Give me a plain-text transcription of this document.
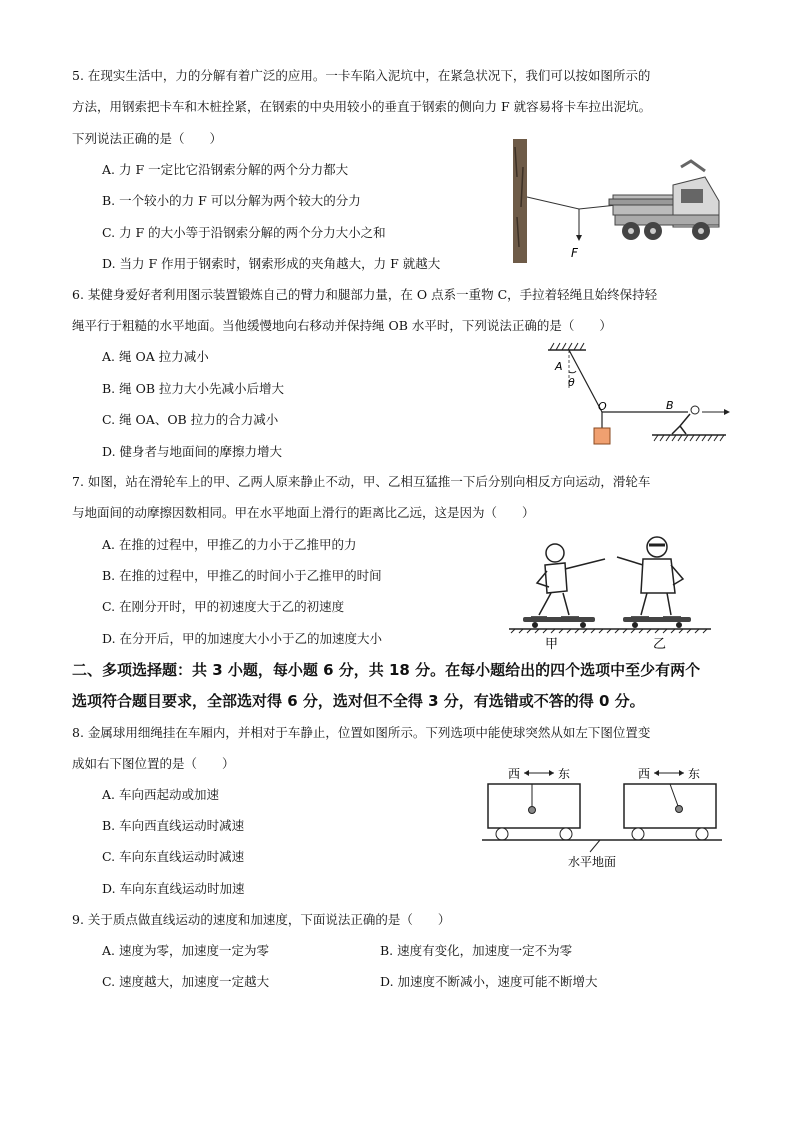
5. 在现实生活中，力的分解有着广泛的应用。一卡车陷入泥坑中，在紧急状况下，我们可以按如图所示的
方法，用钢索把卡车和木桩拴紧，在钢索的中央用较小的垂直于钢索的侧向力 F 就容易将卡车拉出泥坑。
下列说法正确的是（　　）
A. 力 F 一定比它沿钢索分解的两个分力都大
B. 一个较小的力 F 可以分解为两个较大的分力
C. 力 F 的大小等于沿钢索分解的两个分力大小之和
D. 当力 F 作用于钢索时，钢索形成的夹角越大，力 F 就越大
F
6. 某健身爱好者利用图示装置锻炼自己的臂力和腿部力量，在 O 点系一重物 C，手拉着轻绳且始终保持轻
绳平行于粗糙的水平地面。当他缓慢地向右移动并保持绳 OB 水平时，下列说法正确的是（　　）
A. 绳 OA 拉力减小
B. 绳 OB 拉力大小先减小后增大
C. 绳 OA、OB 拉力的合力减小
D. 健身者与地面间的摩擦力增大
A
θ
O	B
7. 如图，站在滑轮车上的甲、乙两人原来静止不动，甲、乙相互猛推一下后分别向相反方向运动，滑轮车
与地面间的动摩擦因数相同。甲在水平地面上滑行的距离比乙远，这是因为（　　）
A. 在推的过程中，甲推乙的力小于乙推甲的力
B. 在推的过程中，甲推乙的时间小于乙推甲的时间
C. 在刚分开时，甲的初速度大于乙的初速度
D. 在分开后，甲的加速度大小小于乙的加速度大小	甲	乙
二、多项选择题：共 3 小题，每小题 6 分，共 18 分。在每小题给出的四个选项中至少有两个
选项符合题目要求，全部选对得 6 分，选对但不全得 3 分，有选错或不答的得 0 分。
8. 金属球用细绳挂在车厢内，并相对于车静止，位置如图所示。下列选项中能使球突然从如左下图位置变
成如右下图位置的是（　　）
A. 车向西起动或加速
B. 车向西直线运动时减速
C. 车向东直线运动时减速
D. 车向东直线运动时加速
西	东	西	东
水平地面
9. 关于质点做直线运动的速度和加速度，下面说法正确的是（　　）
A. 速度为零，加速度一定为零	B. 速度有变化，加速度一定不为零
C. 速度越大，加速度一定越大	D. 加速度不断减小，速度可能不断增大
